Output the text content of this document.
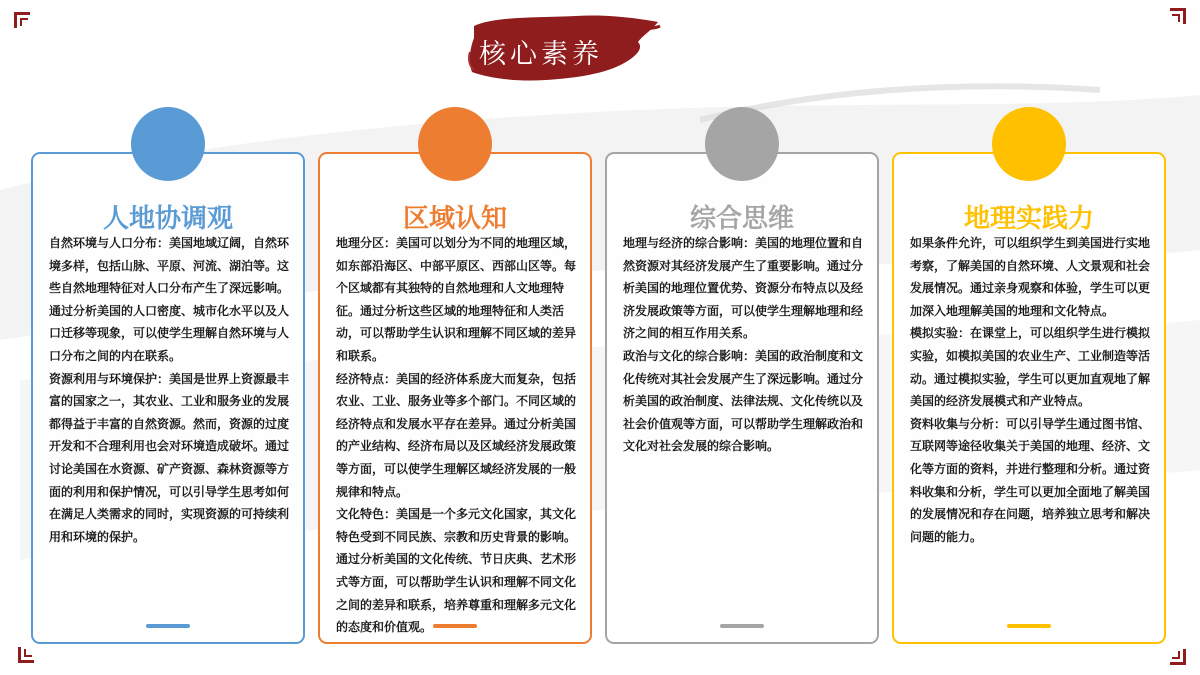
核心素养
人地协调观

自然环境与人口分布：美国地域辽阔，自然环境多样，包括山脉、平原、河流、湖泊等。这些自然地理特征对人口分布产生了深远影响。通过分析美国的人口密度、城市化水平以及人口迁移等现象，可以使学生理解自然环境与人口分布之间的内在联系。

资源利用与环境保护：美国是世界上资源最丰富的国家之一，其农业、工业和服务业的发展都得益于丰富的自然资源。然而，资源的过度开发和不合理利用也会对环境造成破坏。通过讨论美国在水资源、矿产资源、森林资源等方面的利用和保护情况，可以引导学生思考如何在满足人类需求的同时，实现资源的可持续利用和环境的保护。

区域认知

地理分区：美国可以划分为不同的地理区域，如东部沿海区、中部平原区、西部山区等。每个区域都有其独特的自然地理和人文地理特征。通过分析这些区域的地理特征和人类活动，可以帮助学生认识和理解不同区域的差异和联系。

经济特点：美国的经济体系庞大而复杂，包括农业、工业、服务业等多个部门。不同区域的经济特点和发展水平存在差异。通过分析美国的产业结构、经济布局以及区域经济发展政策等方面，可以使学生理解区域经济发展的一般规律和特点。

文化特色：美国是一个多元文化国家，其文化特色受到不同民族、宗教和历史背景的影响。通过分析美国的文化传统、节日庆典、艺术形式等方面，可以帮助学生认识和理解不同文化之间的差异和联系，培养尊重和理解多元文化的态度和价值观。

综合思维

地理与经济的综合影响：美国的地理位置和自然资源对其经济发展产生了重要影响。通过分析美国的地理位置优势、资源分布特点以及经济发展政策等方面，可以使学生理解地理和经济之间的相互作用关系。

政治与文化的综合影响：美国的政治制度和文化传统对其社会发展产生了深远影响。通过分析美国的政治制度、法律法规、文化传统以及社会价值观等方面，可以帮助学生理解政治和文化对社会发展的综合影响。

地理实践力

如果条件允许，可以组织学生到美国进行实地考察，了解美国的自然环境、人文景观和社会发展情况。通过亲身观察和体验，学生可以更加深入地理解美国的地理和文化特点。

模拟实验：在课堂上，可以组织学生进行模拟实验，如模拟美国的农业生产、工业制造等活动。通过模拟实验，学生可以更加直观地了解美国的经济发展模式和产业特点。

资料收集与分析：可以引导学生通过图书馆、互联网等途径收集关于美国的地理、经济、文化等方面的资料，并进行整理和分析。通过资料收集和分析，学生可以更加全面地了解美国的发展情况和存在问题，培养独立思考和解决问题的能力。
